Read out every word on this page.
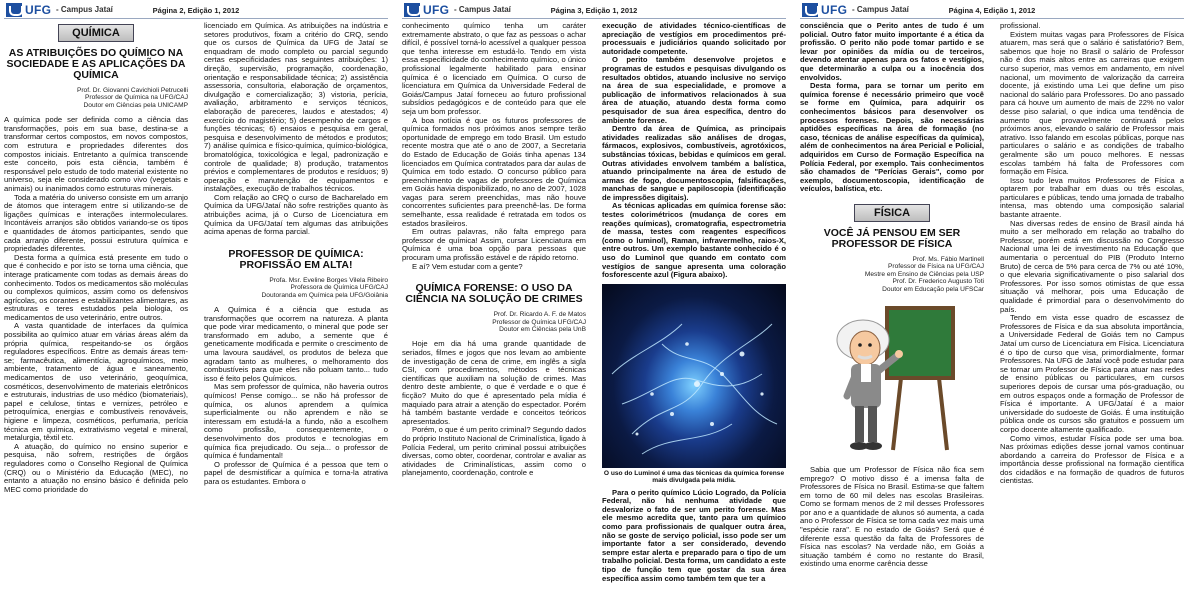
UFG - Campus Jataí	Página 2, Edição 1, 2012
QUÍMICA
AS ATRIBUIÇÕES DO QUÍMICO NA SOCIEDADE E AS APLICAÇÕES DA QUÍMICA
Prof. Dr. Giovanni Cavichioli Petrucelli
Professor de Química na UFG/CAJ
Doutor em Ciências pela UNICAMP

A química pode ser definida como a ciência das transformações, pois em sua base, destina-se a transformar certos compostos, em novos compostos, com estrutura e propriedades diferentes dos compostos iniciais. Entretanto a química transcende este conceito, pois esta ciência, também é responsável pelo estudo de todo material existente no universo, seja ele considerado como vivo (vegetais e animais) ou inanimados como estruturas minerais.

Toda a matéria do universo consiste em um arranjo de átomos que interagem entre si utilizando-se de ligações químicas e interações intermoleculares. Incontáveis arranjos são obtidos variando-se os tipos e quantidades de átomos participantes, sendo que cada arranjo diferente, possui estrutura química e propriedades diferentes.

Desta forma a química está presente em tudo o que é conhecido e por isto se torna uma ciência, que interage praticamente com todas as demais áreas do conhecimento. Todos os medicamentos são moléculas ou complexos químicos, assim como os defensivos agrícolas, os corantes e estabilizantes alimentares, as estruturas e teres estudados pela biologia, os medicamentos de uso veterinário, entre outros.

A vasta quantidade de interfaces da química possibilita ao químico atuar em várias áreas além da própria química, respeitando-se os órgãos reguladores específicos. Entre as demais áreas tem-se; farmacêutica, alimentícia, agroquímicos, meio ambiente, tratamento de água e saneamento, medicamentos de uso veterinário, geoquímica, cosméticos, desenvolvimento de materiais eletrônicos e estruturais, industrias de uso médico (biomateriais), papel e celulose, tintas e vernizes, petróleo e petroquímica, energias e combustíveis renováveis, higiene e limpeza, cosméticos, perfumaria, perícia técnica em química, extrativismo vegetal e mineral, metalurgia, têxtil etc.

A atuação, do químico no ensino superior e pesquisa, não sofrem, restrições de órgãos reguladores como o Conselho Regional de Química (CRQ) ou o Ministério da Educação (MEC), no entanto a atuação no ensino básico é definida pelo MEC como prioridade do

licenciado em Química. As atribuições na indústria e setores produtivos, fixam a critério do CRQ, sendo que os cursos de Química da UFG de Jataí se enquadram de modo completo ou parcial segundo certas especificidades nas seguintes atribuições: 1) direção, supervisão, programação, coordenação, orientação e responsabilidade técnica; 2) assistência assessoria, consultoria, elaboração de orçamentos, divulgação e comercialização; 3) vistoria, perícia, avaliação, arbitramento e serviços técnicos, elaboração de pareceres, laudos e atestados; 4) exercício do magistério; 5) desempenho de cargos e funções técnicas; 6) ensaios e pesquisa em geral, pesquisa e desenvolvimento de métodos e produtos; 7) análise química e físico-química, químico-biológica, bromatológica, toxicológica e legal, padronização e controle de qualidade; 8) produção, tratamentos prévios e complementares de produtos e resíduos; 9) operação e manutenção de equipamentos e instalações, execução de trabalhos técnicos.

Com relação ao CRQ o curso de Bacharelado em Química da UFG/Jataí não sofre restrições quanto às atribuições acima, já o Curso de Licenciatura em Química da UFG/Jataí tem algumas das atribuições acima apenas de forma parcial.

PROFESSOR DE QUÍMICA: PROFISSÃO EM ALTA!
Profa. Msr. Eveline Borges Vilela Ribeiro
Professora de Química UFG/CAJ
Doutoranda em Química pela UFG/Goiânia

A Química é a ciência que estuda as transformações que ocorrem na natureza. A planta que pode virar medicamento, o mineral que pode ser transformado em adubo, a semente que é geneticamente modificada e permite o crescimento de uma lavoura saudável, os produtos de beleza que agradam tanto as mulheres, o melhoramento dos combustíveis para que eles não poluam tanto... tudo isso é feito pelos Químicos.

Mas sem professor de química, não haveria outros químicos! Pense comigo... se não há professor de química, os alunos aprendem a química superficialmente ou não aprendem e não se interessam em estudá-la a fundo, não a escolhem como profissão, consequentemente, o desenvolvimento dos produtos e tecnologias em química fica prejudicado. Ou seja... o professor de química é fundamental!

O professor de Química é a pessoa que tem o papel de desmistificar a química e torna-la atrativa para os estudantes. Embora o

UFG - Campus Jataí	Página 3, Edição 1, 2012

conhecimento químico tenha um caráter extremamente abstrato, o que faz as pessoas o achar difícil, é possível torná-lo acessível a qualquer pessoa que tenha interesse em estudá-lo. Tendo em vista essa especificidade do conhecimento químico, o único profissional legalmente habilitado para ensinar química é o licenciado em Química. O curso de licenciatura em Química da Universidade Federal de Goiás/Campus Jataí forneceu ao futuro profissional subsídios pedagógicos e de conteúdo para que ele seja um bom professor.

A boa notícia é que os futuros professores de química formados nos próximos anos sempre terão oportunidade de emprego em todo Brasil. Um estudo recente mostra que até o ano de 2007, a Secretaria do Estado de Educação de Goiás tinha apenas 134 licenciados em Química contratados para dar aulas de Química em todo estado. O concurso público para preenchimento de vagas de professores de Química em Goiás havia disponibilizado, no ano de 2007, 1028 vagas para serem preenchidas, mas não houve concorrentes suficientes para preenchê-las. De forma semelhante, essa realidade é retratada em todos os estados brasileiros.

Em outras palavras, não falta emprego para professor de química! Assim, cursar Licenciatura em Química é uma boa opção para pessoas que procuram uma profissão estável e de rápido retorno.

E aí? Vem estudar com a gente?

QUÍMICA FORENSE: O USO DA CIÊNCIA NA SOLUÇÃO DE CRIMES
Prof. Dr. Ricardo A. F. de Matos
Professor de Química UFG/CAJ
Doutor em Ciências pela UnB

Hoje em dia há uma grande quantidade de seriados, filmes e jogos que nos levam ao ambiente de investigação de cena de crime, em inglês a sigla CSI, com procedimentos, métodos e técnicas científicas que auxiliam na solução de crimes. Mas dentro deste ambiente, o que é verdade e o que é ficção? Muito do que é apresentado pela mídia é maquiado para atrair a atenção do espectador. Porém há também bastante verdade e conceitos teóricos apresentados.

Porém, o que é um perito criminal? Segundo dados do próprio Instituto Nacional de Criminalística, ligado à Polícia Federal, um perito criminal possui atribuições diversas, como obter, coordenar, controlar e avaliar as atividades de Criminalísticas, assim como o planejamento, coordenação, controle e

execução de atividades técnico-científicas de apreciação de vestígios em procedimentos pré-processuais e judiciários quando solicitado por autoridade competente.

O perito também desenvolve projetos e programas de estudos e pesquisas divulgando os resultados obtidos, atuando inclusive no serviço na área de sua especialidade, e promove a publicação de informativos relacionados à sua área de atuação, atuando desta forma como pesquisador de sua área específica, dentro do ambiente forense.

Dentro da área de Química, as principais atividades realizadas são análises de drogas, fármacos, explosivos, combustíveis, agrotóxicos, substâncias tóxicas, bebidas e químicos em geral. Outras atividades envolvem também a balística, atuando principalmente na área de estudo de armas de fogo, documentoscopia, falsificações, manchas de sangue e papiloscopia (identificação de impressões digitais).

As técnicas aplicadas em química forense são: testes colorimétricos (mudança de cores em reações químicas), cromatografia, espectrometria de massa, testes com reagentes específicos (como o luminol), Raman, infravermelho, raios-X, entre outros. Um exemplo bastante conhecido é o uso do Luminol que quando em contato com vestígios de sangue apresenta uma coloração fosforescente azul (Figura abaixo).

O uso do Luminol é uma das técnicas da química forense mais divulgada pela mídia.

Para o perito químico Lúcio Logrado, da Polícia Federal, não há nenhuma atividade que desvalorize o fato de ser um perito forense. Mas ele mesmo acredita que, tanto para um químico como para profissionais de qualquer outra área, não se goste de serviço policial, isso pode ser um importante fator a ser considerado, devendo sempre estar alerta e preparado para o tipo de um trabalho policial. Desta forma, um candidato a este tipo de função tem que gostar da sua área específica assim como também tem que ter a

UFG - Campus Jataí	Página 4, Edição 1, 2012

consciência que o Perito antes de tudo é um policial. Outro fator muito importante é a ética da profissão. O perito não pode tomar partido e se levar por opiniões da mídia ou de terceiros, devendo atentar apenas para os fatos e vestígios, que determinarão a culpa ou a inocência dos envolvidos.

Desta forma, para se tornar um perito em química forense é necessário primeiro que você se forme em Química, para adquirir os conhecimentos básicos para desenvolver os processos forenses. Depois, são necessárias aptidões específicas na área de formação (no caso, técnicas de análise específicas da química), além de conhecimentos na área Pericial e Policial, adquiridos em Curso de Formação Específica na Polícia Federal, por exemplo. Tais conhecimentos são chamados de "Perícias Gerais", como por exemplo, documentoscopia, identificação de veículos, balística, etc.

FÍSICA
VOCÊ JÁ PENSOU EM SER PROFESSOR DE FÍSICA
Prof. Ms. Fábio Martinell
Professor de Física na UFG/CAJ
Mestre em Ensino de Ciências pela USP
Prof. Dr. Frederico Augusto Toti
Doutor em Educação pela UFSCar

Sabia que um Professor de Física não fica sem emprego? O motivo disso é a imensa falta de Professores de Física no Brasil. Estima-se que faltem em torno de 60 mil deles nas escolas Brasileiras. Como se formam menos de 2 mil desses Professores por ano e a quantidade de alunos só aumenta, a cada ano o Professor de Física se torna cada vez mais uma "espécie rara". E no estado de Goiás? Será que é diferente essa questão da falta de Professores de Física nas escolas? Na verdade não, em Goiás a situação também é como no restante do Brasil, existindo uma enorme carência desse

profissional.

Existem muitas vagas para Professores de Física atuarem, mas será que o salário é satisfatório? Bem, sabemos que hoje no Brasil o salário de Professor não é dos mais altos entre as carreiras que exigem curso superior, mas vemos em andamento, em nível nacional, um movimento de valorização da carreira docente, já existindo uma Lei que define um piso nacional do salário para Professores. Do ano passado para cá houve um aumento de mais de 22% no valor desse piso salarial, o que indica uma tendência de aumento que provavelmente continuará pelos próximos anos, elevando o salário de Professor mais atrativo. Isso falando em escolas públicas, porque nas particulares o salário e as condições de trabalho geralmente são um pouco melhores. E nessas escolas também há falta de Professores com formação em Física.

Isso tudo leva muitos Professores de Física a optarem por trabalhar em duas ou três escolas, particulares e públicas, tendo uma jornada de trabalho intensa, mas obtendo uma composição salarial bastante atraente.

Nas diversas redes de ensino de Brasil ainda há muito a ser melhorado em relação ao trabalho do Professor, porém está em discussão no Congresso Nacional uma lei de investimento na Educação que aumentaria o percentual do PIB (Produto Interno Bruto) de cerca de 5% para cerca de 7% ou até 10%, o que elevaria significativamente o piso salarial dos Professores. Por isso somos otimistas de que essa situação vá melhorar, pois uma Educação de qualidade é primordial para o desenvolvimento do país.

Tendo em vista esse quadro de escassez de Professores de Física e da sua absoluta importância, a Universidade Federal de Goiás tem no Campus Jataí um curso de Licenciatura em Física. Licenciatura é o tipo de curso que visa, primordialmente, formar Professores. Na UFG de Jataí você pode estudar para se tornar um Professor de Física para atuar nas redes de ensino públicas ou particulares, em cursos superiores depois de cursar uma pós-graduação, ou em outros espaços onde a formação de Professor de Física é importante. A UFG/Jataí é a maior universidade do sudoeste de Goiás. É uma instituição pública onde os cursos são gratuitos e possuem um corpo docente altamente qualificado.

Como vimos, estudar Física pode ser uma boa. Nas próximas edições desse jornal vamos continuar abordando a carreira do Professor de Física e a importância desse profissional na formação científica dos cidadãos e na formação de quadros de futuros cientistas.
